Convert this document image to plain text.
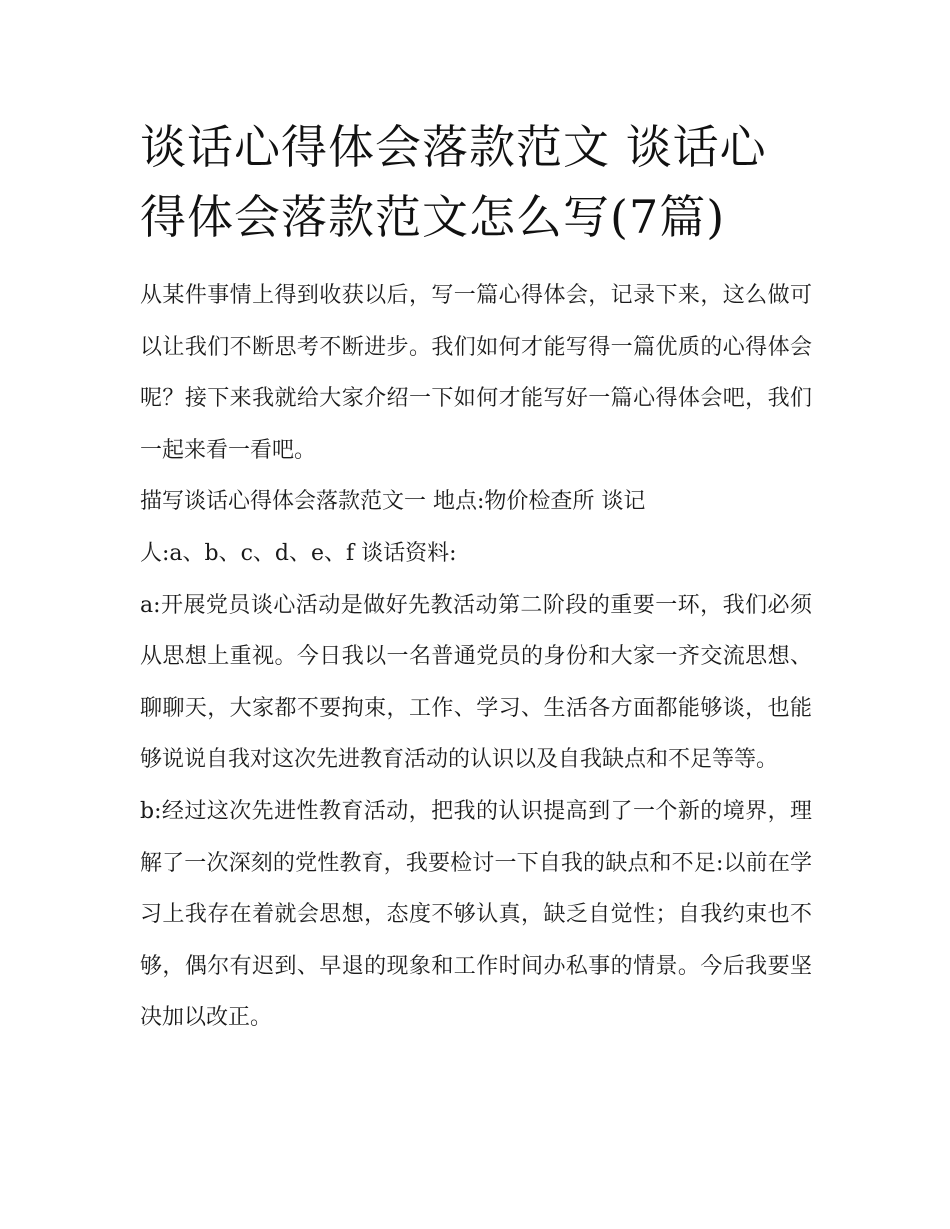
谈话心得体会落款范文 谈话心得体会落款范文怎么写(7篇)

从某件事情上得到收获以后，写一篇心得体会，记录下来，这么做可以让我们不断思考不断进步。我们如何才能写得一篇优质的心得体会呢？接下来我就给大家介绍一下如何才能写好一篇心得体会吧，我们一起来看一看吧。

描写谈话心得体会落款范文一 地点:物价检查所 谈记

人:a、b、c、d、e、f 谈话资料:

a:开展党员谈心活动是做好先教活动第二阶段的重要一环，我们必须从思想上重视。今日我以一名普通党员的身份和大家一齐交流思想、聊聊天，大家都不要拘束，工作、学习、生活各方面都能够谈，也能够说说自我对这次先进教育活动的认识以及自我缺点和不足等等。

b:经过这次先进性教育活动，把我的认识提高到了一个新的境界，理解了一次深刻的党性教育，我要检讨一下自我的缺点和不足:以前在学习上我存在着就会思想，态度不够认真，缺乏自觉性；自我约束也不够，偶尔有迟到、早退的现象和工作时间办私事的情景。今后我要坚决加以改正。
